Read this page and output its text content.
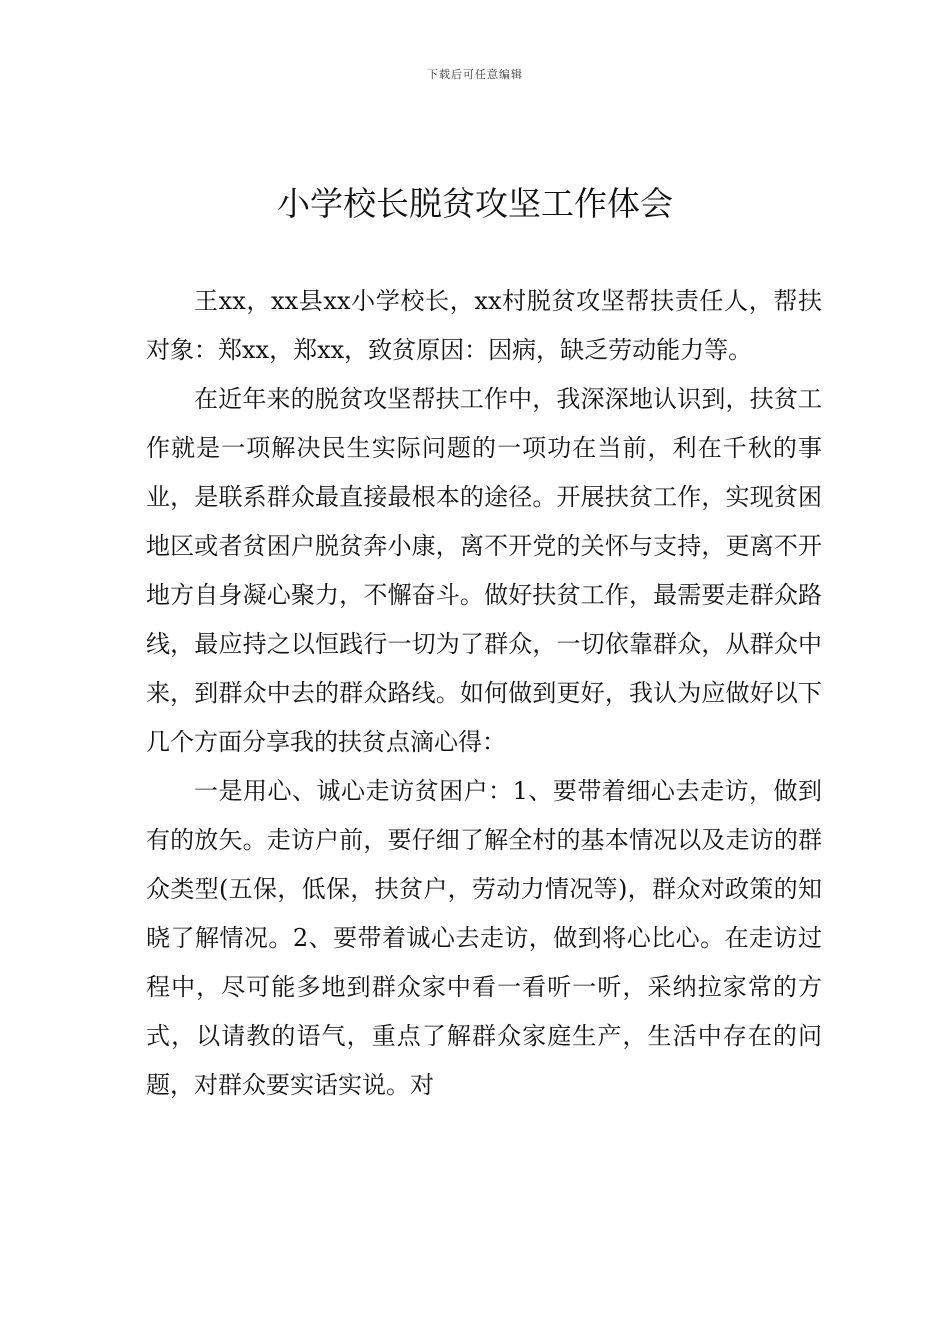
下载后可任意编辑
小学校长脱贫攻坚工作体会

王xx，xx县xx小学校长，xx村脱贫攻坚帮扶责任人，帮扶对象：郑xx，郑xx，致贫原因：因病，缺乏劳动能力等。

在近年来的脱贫攻坚帮扶工作中，我深深地认识到，扶贫工作就是一项解决民生实际问题的一项功在当前，利在千秋的事业，是联系群众最直接最根本的途径。开展扶贫工作，实现贫困地区或者贫困户脱贫奔小康，离不开党的关怀与支持，更离不开地方自身凝心聚力，不懈奋斗。做好扶贫工作，最需要走群众路线，最应持之以恒践行一切为了群众，一切依靠群众，从群众中来，到群众中去的群众路线。如何做到更好，我认为应做好以下几个方面分享我的扶贫点滴心得：

一是用心、诚心走访贫困户：1、要带着细心去走访，做到有的放矢。走访户前，要仔细了解全村的基本情况以及走访的群众类型(五保，低保，扶贫户，劳动力情况等)，群众对政策的知晓了解情况。2、要带着诚心去走访，做到将心比心。在走访过程中，尽可能多地到群众家中看一看听一听，采纳拉家常的方式，以请教的语气，重点了解群众家庭生产，生活中存在的问题，对群众要实话实说。对
